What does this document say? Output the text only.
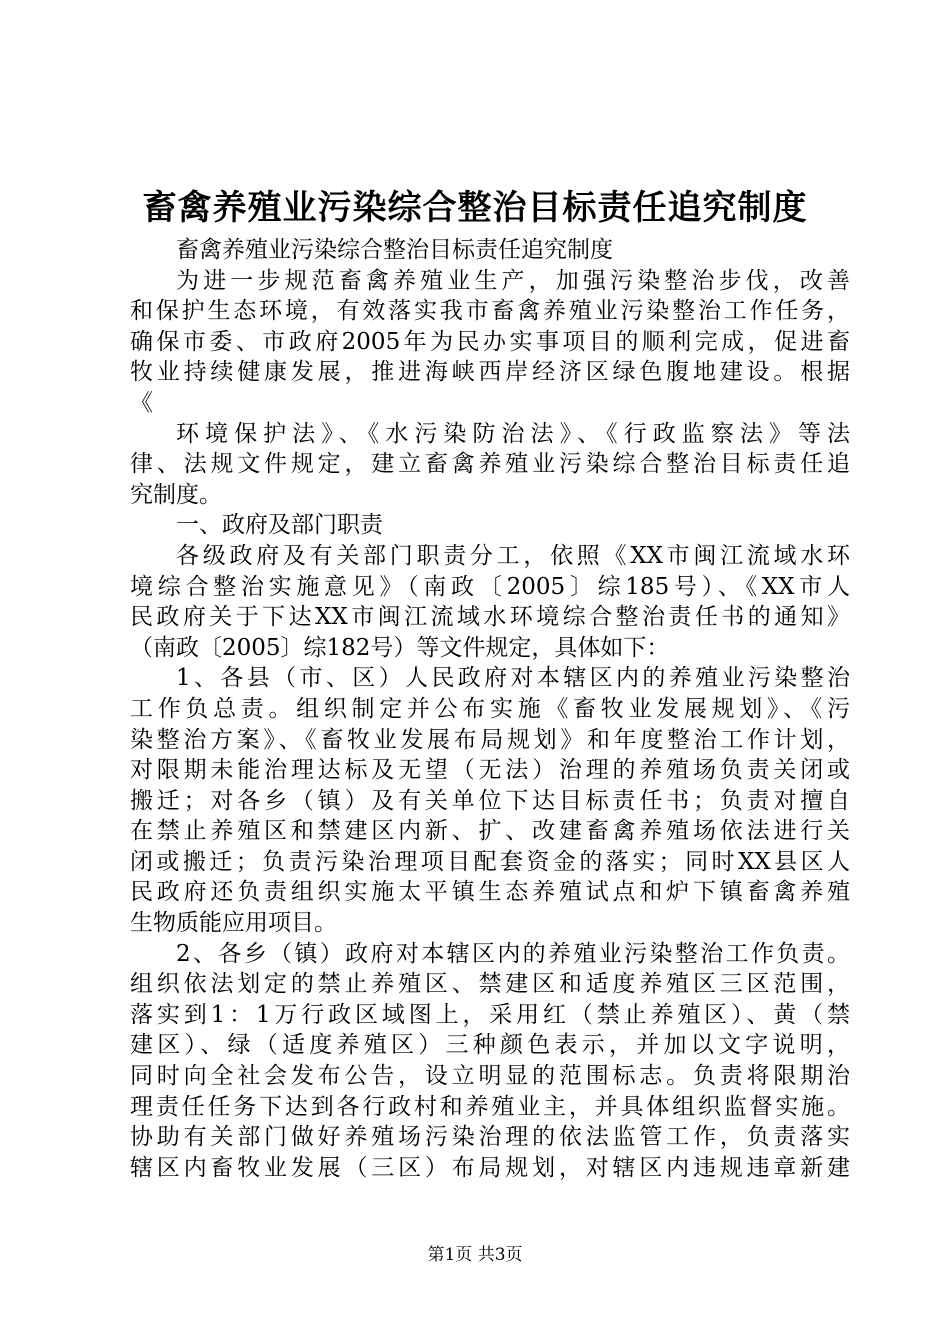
畜禽养殖业污染综合整治目标责任追究制度
畜禽养殖业污染综合整治目标责任追究制度
为进一步规范畜禽养殖业生产，加强污染整治步伐，改善
和保护生态环境，有效落实我市畜禽养殖业污染整治工作任务，
确保市委、市政府2005年为民办实事项目的顺利完成，促进畜
牧业持续健康发展，推进海峡西岸经济区绿色腹地建设。根据
《
环境保护法》、《水污染防治法》、《行政监察法》等法
律、法规文件规定，建立畜禽养殖业污染综合整治目标责任追
究制度。
一、政府及部门职责
各级政府及有关部门职责分工，依照《XX市闽江流域水环
境综合整治实施意见》（南政〔2005〕综185号）、《XX市人
民政府关于下达XX市闽江流域水环境综合整治责任书的通知》
（南政〔2005〕综182号）等文件规定，具体如下：
1、各县（市、区）人民政府对本辖区内的养殖业污染整治
工作负总责。组织制定并公布实施《畜牧业发展规划》、《污
染整治方案》、《畜牧业发展布局规划》和年度整治工作计划，
对限期未能治理达标及无望（无法）治理的养殖场负责关闭或
搬迁；对各乡（镇）及有关单位下达目标责任书；负责对擅自
在禁止养殖区和禁建区内新、扩、改建畜禽养殖场依法进行关
闭或搬迁；负责污染治理项目配套资金的落实；同时XX县区人
民政府还负责组织实施太平镇生态养殖试点和炉下镇畜禽养殖
生物质能应用项目。
2、各乡（镇）政府对本辖区内的养殖业污染整治工作负责。
组织依法划定的禁止养殖区、禁建区和适度养殖区三区范围，
落实到1：1万行政区域图上，采用红（禁止养殖区）、黄（禁
建区）、绿（适度养殖区）三种颜色表示，并加以文字说明，
同时向全社会发布公告，设立明显的范围标志。负责将限期治
理责任任务下达到各行政村和养殖业主，并具体组织监督实施。
协助有关部门做好养殖场污染治理的依法监管工作，负责落实
辖区内畜牧业发展（三区）布局规划，对辖区内违规违章新建
第1页 共3页
